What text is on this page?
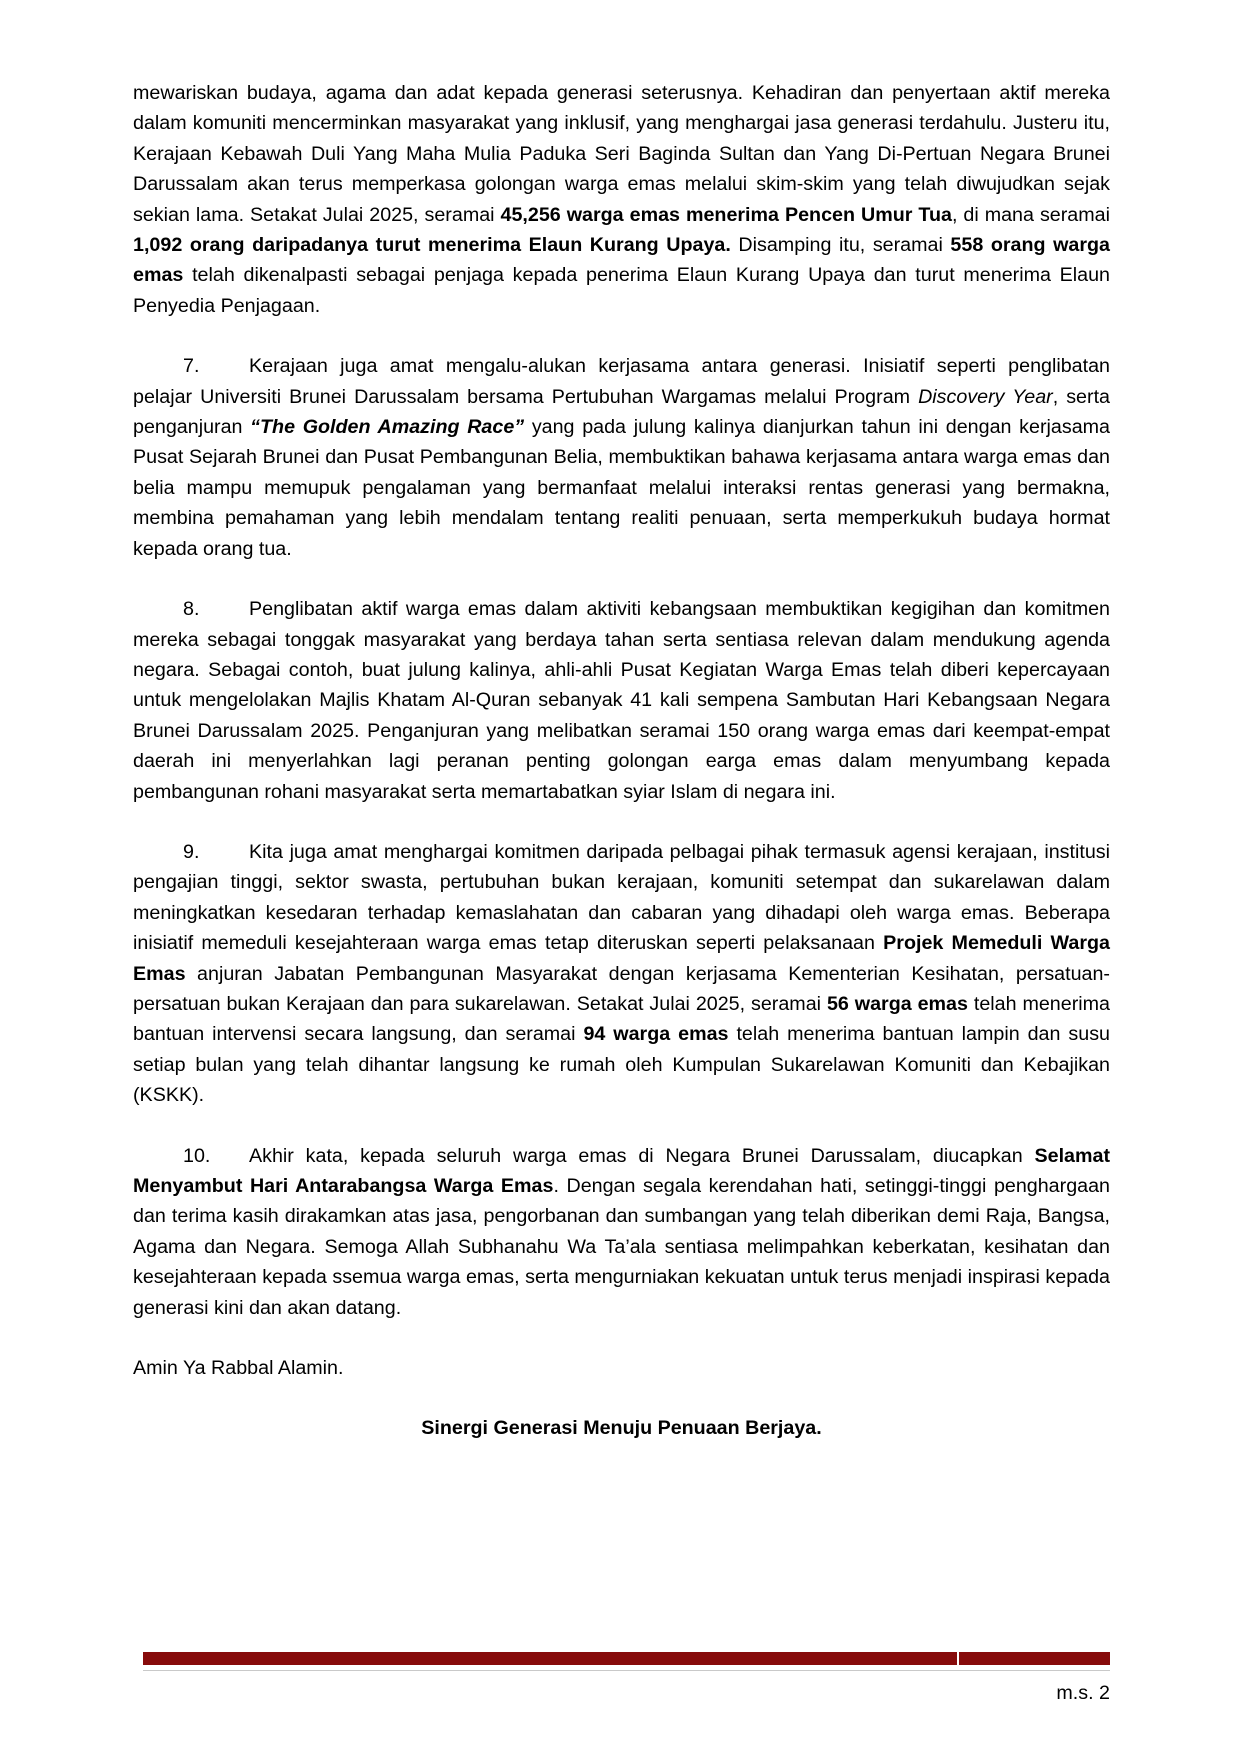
mewariskan budaya, agama dan adat kepada generasi seterusnya. Kehadiran dan penyertaan aktif mereka dalam komuniti mencerminkan masyarakat yang inklusif, yang menghargai jasa generasi terdahulu. Justeru itu, Kerajaan Kebawah Duli Yang Maha Mulia Paduka Seri Baginda Sultan dan Yang Di-Pertuan Negara Brunei Darussalam akan terus memperkasa golongan warga emas melalui skim-skim yang telah diwujudkan sejak sekian lama. Setakat Julai 2025, seramai 45,256 warga emas menerima Pencen Umur Tua, di mana seramai 1,092 orang daripadanya turut menerima Elaun Kurang Upaya. Disamping itu, seramai 558 orang warga emas telah dikenalpasti sebagai penjaga kepada penerima Elaun Kurang Upaya dan turut menerima Elaun Penyedia Penjagaan.

7.	Kerajaan juga amat mengalu-alukan kerjasama antara generasi. Inisiatif seperti penglibatan pelajar Universiti Brunei Darussalam bersama Pertubuhan Wargamas melalui Program Discovery Year, serta penganjuran “The Golden Amazing Race” yang pada julung kalinya dianjurkan tahun ini dengan kerjasama Pusat Sejarah Brunei dan Pusat Pembangunan Belia, membuktikan bahawa kerjasama antara warga emas dan belia mampu memupuk pengalaman yang bermanfaat melalui interaksi rentas generasi yang bermakna, membina pemahaman yang lebih mendalam tentang realiti penuaan, serta memperkukuh budaya hormat kepada orang tua.

8.	Penglibatan aktif warga emas dalam aktiviti kebangsaan membuktikan kegigihan dan komitmen mereka sebagai tonggak masyarakat yang berdaya tahan serta sentiasa relevan dalam mendukung agenda negara. Sebagai contoh, buat julung kalinya, ahli-ahli Pusat Kegiatan Warga Emas telah diberi kepercayaan untuk mengelolakan Majlis Khatam Al-Quran sebanyak 41 kali sempena Sambutan Hari Kebangsaan Negara Brunei Darussalam 2025. Penganjuran yang melibatkan seramai 150 orang warga emas dari keempat-empat daerah ini menyerlahkan lagi peranan penting golongan earga emas dalam menyumbang kepada pembangunan rohani masyarakat serta memartabatkan syiar Islam di negara ini.

9.	Kita juga amat menghargai komitmen daripada pelbagai pihak termasuk agensi kerajaan, institusi pengajian tinggi, sektor swasta, pertubuhan bukan kerajaan, komuniti setempat dan sukarelawan dalam meningkatkan kesedaran terhadap kemaslahatan dan cabaran yang dihadapi oleh warga emas. Beberapa inisiatif memeduli kesejahteraan warga emas tetap diteruskan seperti pelaksanaan Projek Memeduli Warga Emas anjuran Jabatan Pembangunan Masyarakat dengan kerjasama Kementerian Kesihatan, persatuan-persatuan bukan Kerajaan dan para sukarelawan. Setakat Julai 2025, seramai 56 warga emas telah menerima bantuan intervensi secara langsung, dan seramai 94 warga emas telah menerima bantuan lampin dan susu setiap bulan yang telah dihantar langsung ke rumah oleh Kumpulan Sukarelawan Komuniti dan Kebajikan (KSKK).

10. Akhir kata, kepada seluruh warga emas di Negara Brunei Darussalam, diucapkan Selamat Menyambut Hari Antarabangsa Warga Emas. Dengan segala kerendahan hati, setinggi-tinggi penghargaan dan terima kasih dirakamkan atas jasa, pengorbanan dan sumbangan yang telah diberikan demi Raja, Bangsa, Agama dan Negara. Semoga Allah Subhanahu Wa Ta’ala sentiasa melimpahkan keberkatan, kesihatan dan kesejahteraan kepada ssemua warga emas, serta mengurniakan kekuatan untuk terus menjadi inspirasi kepada generasi kini dan akan datang.

Amin Ya Rabbal Alamin.

Sinergi Generasi Menuju Penuaan Berjaya.

m.s. 2
